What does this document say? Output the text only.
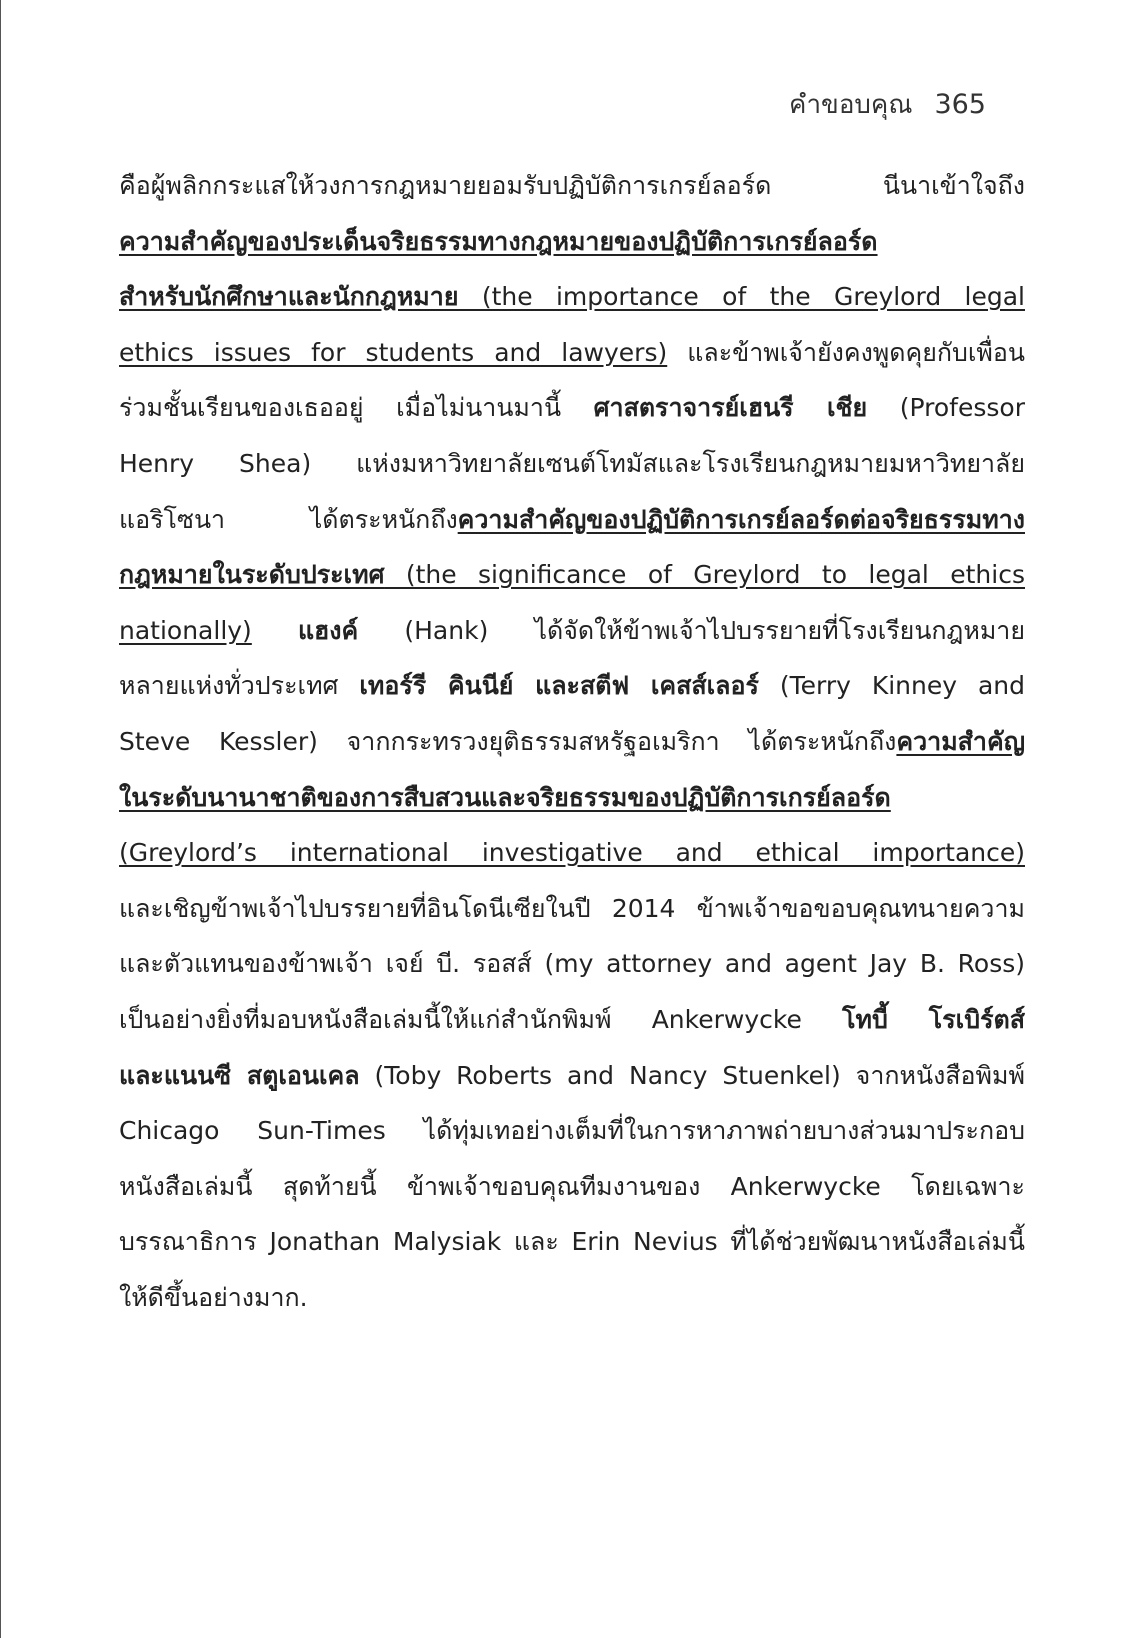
คำขอบคุณ 365
คือผู้พลิกกระแสให้วงการกฎหมายยอมรับปฏิบัติการเกรย์ลอร์ด นีนาเข้าใจถึง
ความสำคัญของประเด็นจริยธรรมทางกฎหมายของปฏิบัติการเกรย์ลอร์ด
สำหรับนักศึกษาและนักกฎหมาย (the importance of the Greylord legal
ethics issues for students and lawyers) และข้าพเจ้ายังคงพูดคุยกับเพื่อน
ร่วมชั้นเรียนของเธออยู่ เมื่อไม่นานมานี้ ศาสตราจารย์เฮนรี เชีย (Professor
Henry Shea) แห่งมหาวิทยาลัยเซนต์โทมัสและโรงเรียนกฎหมายมหาวิทยาลัย
แอริโซนา ได้ตระหนักถึงความสำคัญของปฏิบัติการเกรย์ลอร์ดต่อจริยธรรมทาง
กฎหมายในระดับประเทศ (the significance of Greylord to legal ethics
nationally) แฮงค์ (Hank) ได้จัดให้ข้าพเจ้าไปบรรยายที่โรงเรียนกฎหมาย
หลายแห่งทั่วประเทศ เทอร์รี คินนีย์ และสตีฟ เคสส์เลอร์ (Terry Kinney and
Steve Kessler) จากกระทรวงยุติธรรมสหรัฐอเมริกา ได้ตระหนักถึงความสำคัญ
ในระดับนานาชาติของการสืบสวนและจริยธรรมของปฏิบัติการเกรย์ลอร์ด
(Greylord’s international investigative and ethical importance)
และเชิญข้าพเจ้าไปบรรยายที่อินโดนีเซียในปี 2014 ข้าพเจ้าขอขอบคุณทนายความ
และตัวแทนของข้าพเจ้า เจย์ บี. รอสส์ (my attorney and agent Jay B. Ross)
เป็นอย่างยิ่งที่มอบหนังสือเล่มนี้ให้แก่สำนักพิมพ์ Ankerwycke โทบี้ โรเบิร์ตส์
และแนนซี สตูเอนเคล (Toby Roberts and Nancy Stuenkel) จากหนังสือพิมพ์
Chicago Sun-Times ได้ทุ่มเทอย่างเต็มที่ในการหาภาพถ่ายบางส่วนมาประกอบ
หนังสือเล่มนี้ สุดท้ายนี้ ข้าพเจ้าขอบคุณทีมงานของ Ankerwycke โดยเฉพาะ
บรรณาธิการ Jonathan Malysiak และ Erin Nevius ที่ได้ช่วยพัฒนาหนังสือเล่มนี้
ให้ดีขึ้นอย่างมาก.
